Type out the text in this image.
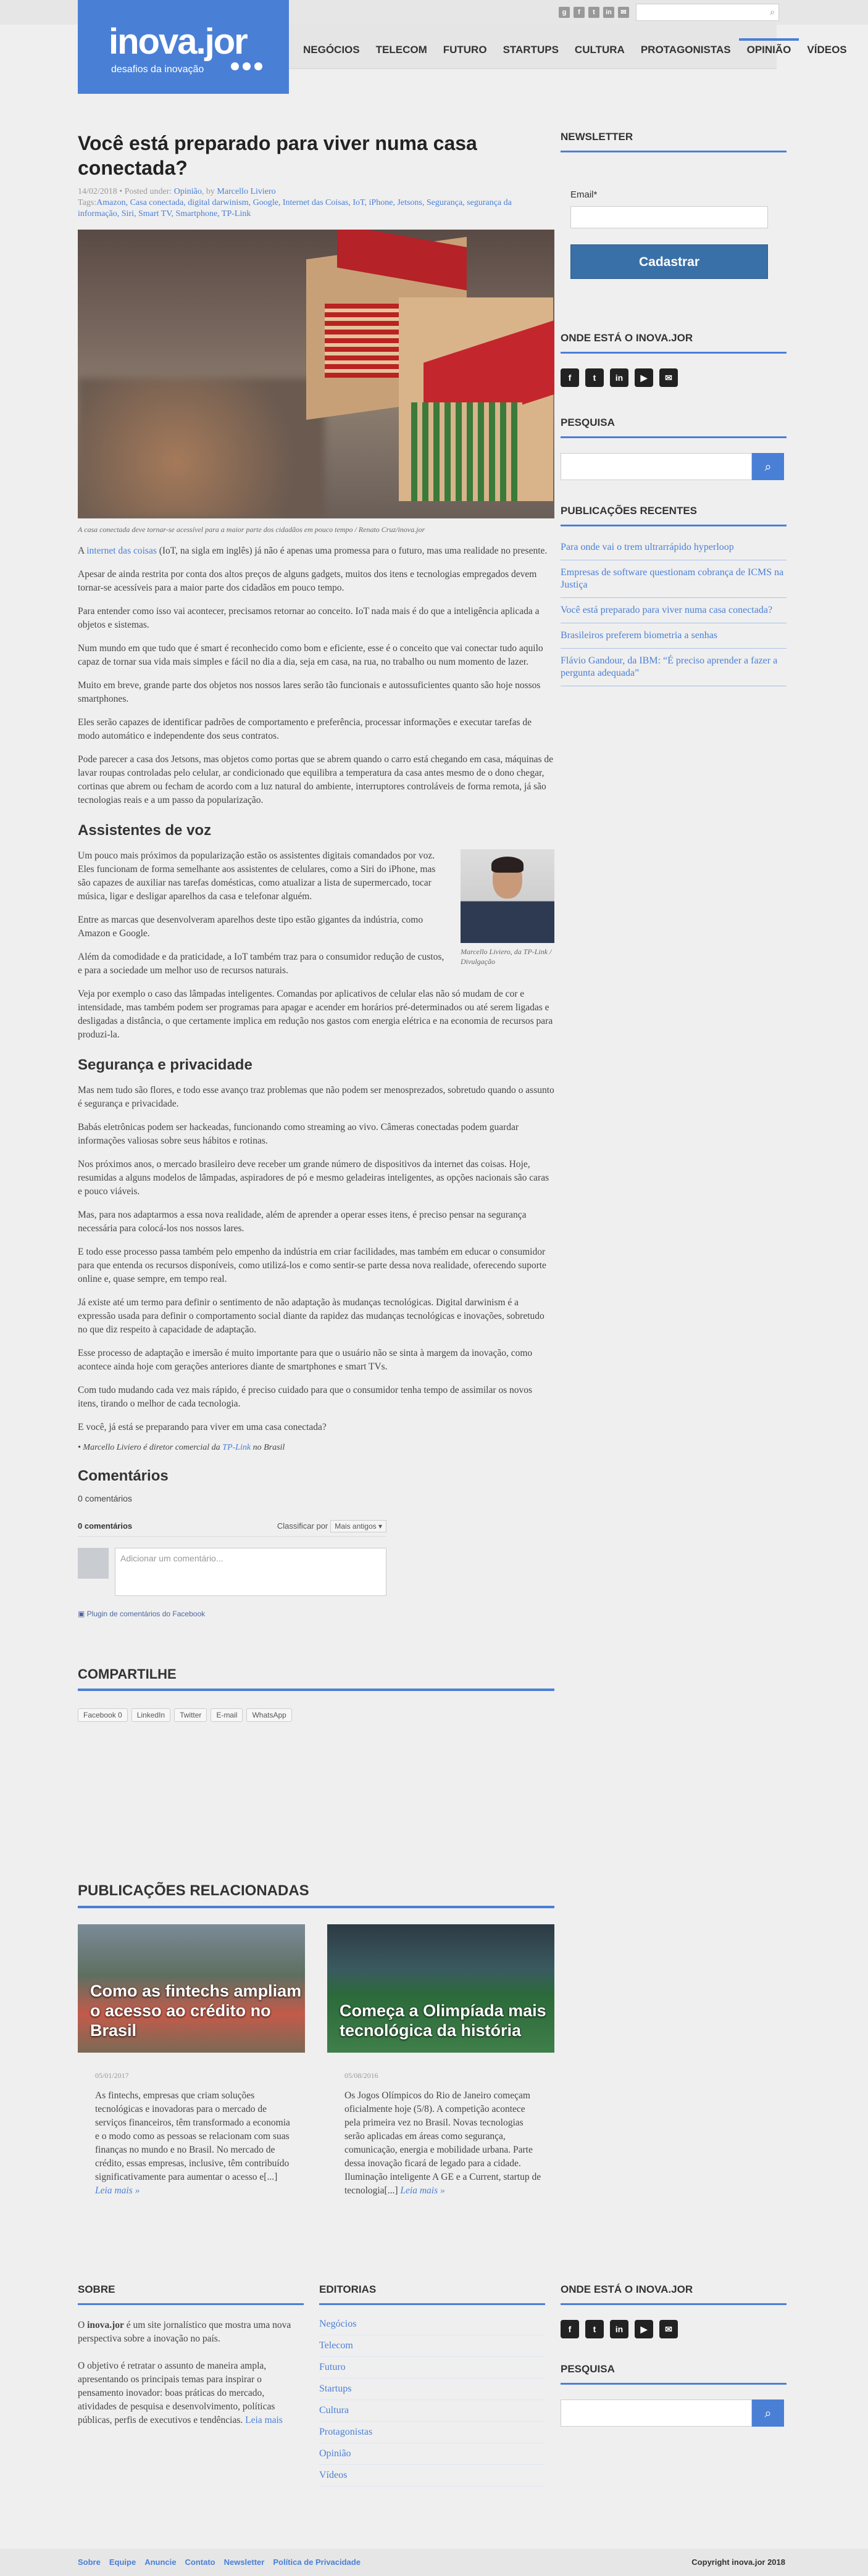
g	f	t	in	✉	⌕
inova.jor
desafios da inovação
NEGÓCIOS	TELECOM	FUTURO	STARTUPS	CULTURA	PROTAGONISTAS	OPINIÃO	VÍDEOS
Você está preparado para viver numa casa conectada?
14/02/2018 • Posted under: Opinião, by Marcello Liviero
Tags:Amazon, Casa conectada, digital darwinism, Google, Internet das Coisas, IoT, iPhone, Jetsons, Segurança, segurança da informação, Siri, Smart TV, Smartphone, TP-Link
A casa conectada deve tornar-se acessível para a maior parte dos cidadãos em pouco tempo / Renato Cruz/inova.jor

A internet das coisas (IoT, na sigla em inglês) já não é apenas uma promessa para o futuro, mas uma realidade no presente.

Apesar de ainda restrita por conta dos altos preços de alguns gadgets, muitos dos itens e tecnologias empregados devem tornar-se acessíveis para a maior parte dos cidadãos em pouco tempo.

Para entender como isso vai acontecer, precisamos retornar ao conceito. IoT nada mais é do que a inteligência aplicada a objetos e sistemas.

Num mundo em que tudo que é smart é reconhecido como bom e eficiente, esse é o conceito que vai conectar tudo aquilo capaz de tornar sua vida mais simples e fácil no dia a dia, seja em casa, na rua, no trabalho ou num momento de lazer.

Muito em breve, grande parte dos objetos nos nossos lares serão tão funcionais e autossuficientes quanto são hoje nossos smartphones.

Eles serão capazes de identificar padrões de comportamento e preferência, processar informações e executar tarefas de modo automático e independente dos seus contratos.

Pode parecer a casa dos Jetsons, mas objetos como portas que se abrem quando o carro está chegando em casa, máquinas de lavar roupas controladas pelo celular, ar condicionado que equilibra a temperatura da casa antes mesmo de o dono chegar, cortinas que abrem ou fecham de acordo com a luz natural do ambiente, interruptores controláveis de forma remota, já são tecnologias reais e a um passo da popularização.

Assistentes de voz
Marcello Liviero, da TP-Link / Divulgação

Um pouco mais próximos da popularização estão os assistentes digitais comandados por voz. Eles funcionam de forma semelhante aos assistentes de celulares, como a Siri do iPhone, mas são capazes de auxiliar nas tarefas domésticas, como atualizar a lista de supermercado, tocar música, ligar e desligar aparelhos da casa e telefonar alguém.

Entre as marcas que desenvolveram aparelhos deste tipo estão gigantes da indústria, como Amazon e Google.

Além da comodidade e da praticidade, a IoT também traz para o consumidor redução de custos, e para a sociedade um melhor uso de recursos naturais.

Veja por exemplo o caso das lâmpadas inteligentes. Comandas por aplicativos de celular elas não só mudam de cor e intensidade, mas também podem ser programas para apagar e acender em horários pré-determinados ou até serem ligadas e desligadas a distância, o que certamente implica em redução nos gastos com energia elétrica e na economia de recursos para produzi-la.

Segurança e privacidade

Mas nem tudo são flores, e todo esse avanço traz problemas que não podem ser menosprezados, sobretudo quando o assunto é segurança e privacidade.

Babás eletrônicas podem ser hackeadas, funcionando como streaming ao vivo. Câmeras conectadas podem guardar informações valiosas sobre seus hábitos e rotinas.

Nos próximos anos, o mercado brasileiro deve receber um grande número de dispositivos da internet das coisas. Hoje, resumidas a alguns modelos de lâmpadas, aspiradores de pó e mesmo geladeiras inteligentes, as opções nacionais são caras e pouco viáveis.

Mas, para nos adaptarmos a essa nova realidade, além de aprender a operar esses itens, é preciso pensar na segurança necessária para colocá-los nos nossos lares.

E todo esse processo passa também pelo empenho da indústria em criar facilidades, mas também em educar o consumidor para que entenda os recursos disponíveis, como utilizá-los e como sentir-se parte dessa nova realidade, oferecendo suporte online e, quase sempre, em tempo real.

Já existe até um termo para definir o sentimento de não adaptação às mudanças tecnológicas. Digital darwinism é a expressão usada para definir o comportamento social diante da rapidez das mudanças tecnológicas e inovações, sobretudo no que diz respeito à capacidade de adaptação.

Esse processo de adaptação e imersão é muito importante para que o usuário não se sinta à margem da inovação, como acontece ainda hoje com gerações anteriores diante de smartphones e smart TVs.

Com tudo mudando cada vez mais rápido, é preciso cuidado para que o consumidor tenha tempo de assimilar os novos itens, tirando o melhor de cada tecnologia.

E você, já está se preparando para viver em uma casa conectada?

• Marcello Liviero é diretor comercial da TP-Link no Brasil
Comentários
0 comentários
0 comentários	Classificar por Mais antigos ▾
Adicionar um comentário...
▣ Plugin de comentários do Facebook
COMPARTILHE
Facebook 0	LinkedIn	Twitter	E-mail	WhatsApp
PUBLICAÇÕES RELACIONADAS
Como as fintechs ampliam o acesso ao crédito no Brasil
05/01/2017
As fintechs, empresas que criam soluções tecnológicas e inovadoras para o mercado de serviços financeiros, têm transformado a economia e o modo como as pessoas se relacionam com suas finanças no mundo e no Brasil. No mercado de crédito, essas empresas, inclusive, têm contribuído significativamente para aumentar o acesso e[...] Leia mais »
Começa a Olimpíada mais tecnológica da história
05/08/2016
Os Jogos Olímpicos do Rio de Janeiro começam oficialmente hoje (5/8). A competição acontece pela primeira vez no Brasil. Novas tecnologias serão aplicadas em áreas como segurança, comunicação, energia e mobilidade urbana. Parte dessa inovação ficará de legado para a cidade. Iluminação inteligente A GE e a Current, startup de tecnologia[...] Leia mais »
NEWSLETTER
Email*
Cadastrar
ONDE ESTÁ O INOVA.JOR
f	t	in	▶	✉
PESQUISA
⌕
PUBLICAÇÕES RECENTES
Para onde vai o trem ultrarrápido hyperloop
Empresas de software questionam cobrança de ICMS na Justiça
Você está preparado para viver numa casa conectada?
Brasileiros preferem biometria a senhas
Flávio Gandour, da IBM: “É preciso aprender a fazer a pergunta adequada”
SOBRE

O inova.jor é um site jornalístico que mostra uma nova perspectiva sobre a inovação no país.

O objetivo é retratar o assunto de maneira ampla, apresentando os principais temas para inspirar o pensamento inovador: boas práticas do mercado, atividades de pesquisa e desenvolvimento, políticas públicas, perfis de executivos e tendências. Leia mais

EDITORIAS
Negócios
Telecom
Futuro
Startups
Cultura
Protagonistas
Opinião
Vídeos
ONDE ESTÁ O INOVA.JOR
f	t	in	▶	✉
PESQUISA
⌕
Sobre Equipe Anuncie Contato Newsletter Política de Privacidade	Copyright inova.jor 2018
